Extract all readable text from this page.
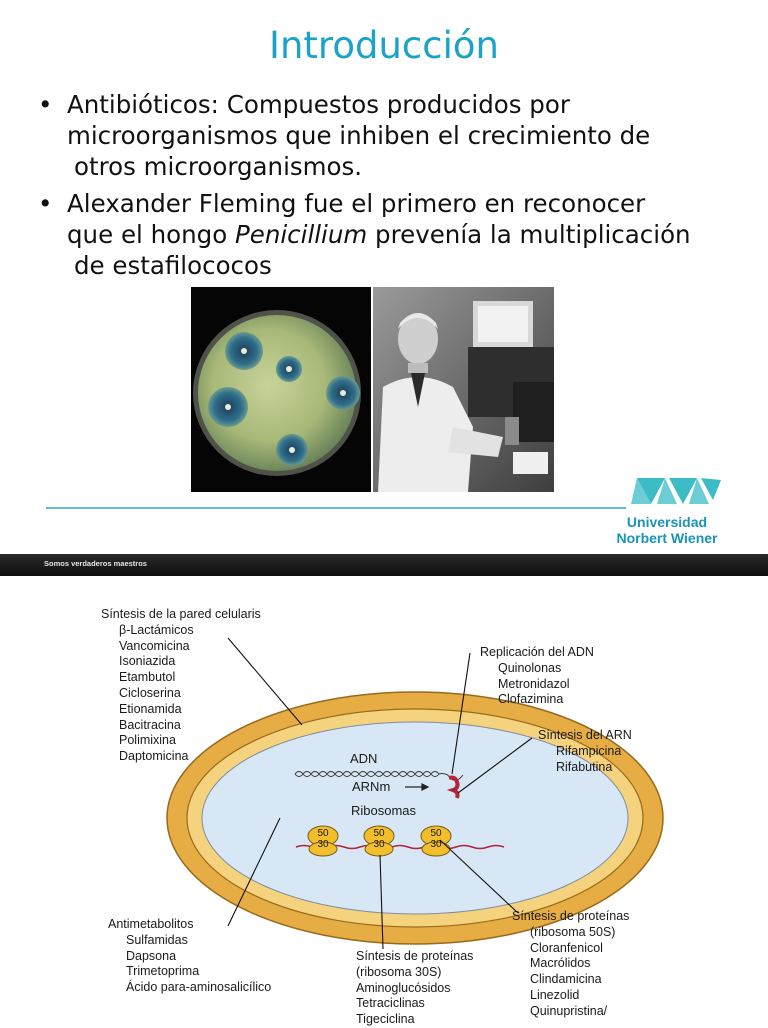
Introducción
• Antibióticos: Compuestos producidos por
microorganismos que inhiben el crecimiento de
otros microorganismos.
• Alexander Fleming fue el primero en reconocer
que el hongo Penicillium prevenía la multiplicación
de estafilococos
Universidad
Norbert Wiener
Somos verdaderos maestros
ADN
ARNm
Ribosomas
50
30
50
30
50
30
Síntesis de la pared celularis
β-Lactámicos
Vancomicina
Isoniazida
Etambutol
Cicloserina
Etionamida
Bacitracina
Polimixina
Daptomicina
Replicación del ADN
Quinolonas
Metronidazol
Clofazimina
Síntesis del ARN
Rifampicina
Rifabutina
Antimetabolitos
Sulfamidas
Dapsona
Trimetoprima
Ácido para-aminosalicílico
Síntesis de proteínas
(ribosoma 30S)
Aminoglucósidos
Tetraciclinas
Tigeciclina
Síntesis de proteínas
(ribosoma 50S)
Cloranfenicol
Macrólidos
Clindamicina
Linezolid
Quinupristina/
